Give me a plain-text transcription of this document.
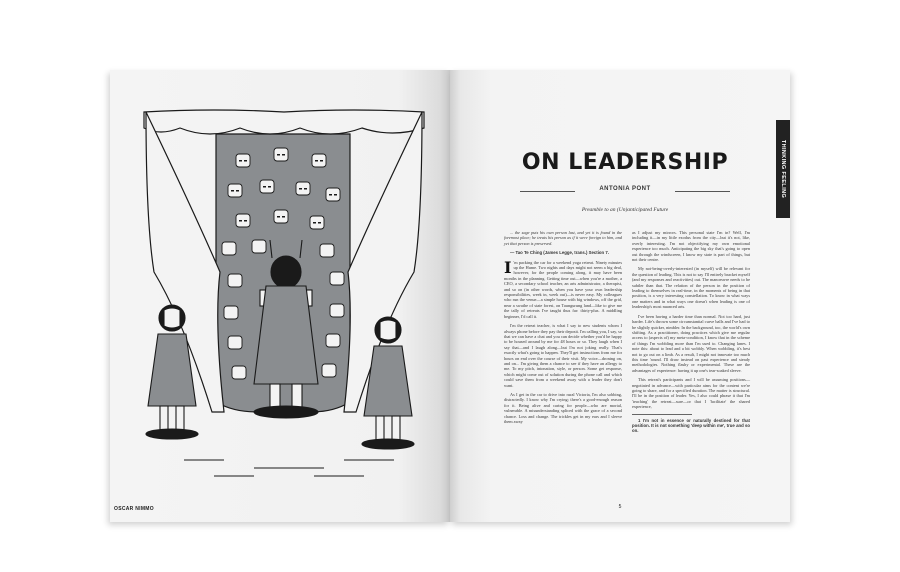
OSCAR NIMMO
THINKING FEELING
ON LEADERSHIP
ANTONIA PONT
Preamble to an (Un)anticipated Future

... the sage puts his own person last, and yet it is found in the foremost place; he treats his person as if it were foreign to him, and yet that person is preserved.

— Tao Te Ching (James Legge, trans.) Section 7.

I 'm packing the car for a weekend yoga retreat. Ninety minutes up the Hume. Two nights and days might not seem a big deal, however, for the people coming along, it may have been months in the planning. Getting time out—when you're a mother, a CEO, a secondary school teacher, an arts administrator, a therapist, and so on (in other words, when you have your own leadership responsibilities, week in, week out)—is never easy. My colleagues who run the venue—a simple house with big windows, off the grid, near a swathe of state forest, on Taungurung land—like to give me the tally of retreats I've taught thus far: thirty-plus. A middling beginner, I'd call it.

I'm the retreat teacher, is what I say to new students whom I always phone before they pay their deposit. I'm calling you, I say, so that we can have a chat and you can decide whether you'd be happy to be housed around by me for 48 hours or so. They laugh when I say that—and I laugh along—but I'm not joking really. That's exactly what's going to happen. They'll get instructions from me for hours on end over the course of their visit. My voice—droning on, and on... I'm giving them a chance to see if they have an allergy to me. To my pitch, intonation, style, or person. Some get response, which might come out of solution during the phone call and which could save them from a weekend away with a leader they don't want.

As I get in the car to drive into rural Victoria, I'm also sobbing, distractedly. I know why I'm crying; there's a good-enough reason for it. Being alive and caring for people—who are mortal, vulnerable. A misunderstanding spliced with the grace of a second chance. Loss and change. The trickles get in my ears and I sleeve them away

as I adjust my mirrors. This personal state I'm in? Well, I'm including it—in my little exodus from the city—but it's not, like, overly interesting. I'm not objectifying my own emotional experience too much. Anticipating the big sky that's going to open out through the windscreen, I know my state is part of things, but not their centre.

My not-being-overly-interested (in myself) will be relevant for the question of leading. This is not to say I'll entirely bracket myself (and my responses and reactivities) out. The manoeuvre needs to be subtler than that. The relation of the person in the position of leading to themselves in real-time, in the moments of being in that position, is a very interesting constellation. To know in what ways one matters and in what ways one doesn't when leading is one of leadership's most nuanced arts.

I've been having a harder time than normal. Not too hard, just harder. Life's thrown some circumstantial curve balls and I've had to be slightly quicker, nimbler. In the background, too, the world's own shifting. As a practitioner, doing practices which give me regular access to (aspects of) my meta-condition, I know that in the scheme of things I'm wobbling more than I'm used to. Changing lanes. I note this: about to lead and a bit wobbly. When wobbling, it's best not to go out on a limb. As a result, I might not innovate too much this time 'round. I'll draw instead on past experience and steady methodologies. Nothing flashy or experimental. These are the advantages of experience: having it up one's tear-soaked sleeve.

This retreat's participants and I will be assuming positions—negotiated in advance—with particular aims for the content we're going to share, and for a specified duration. The matter is structural. I'll be in the position of leader. Yes, I also could phrase it that I'm 'teaching' the retreat—sure—or that I 'facilitate' the shared experience,

1 I'm not in essence or naturally destined for that position. It is not something 'deep within me', true and so on.

5
